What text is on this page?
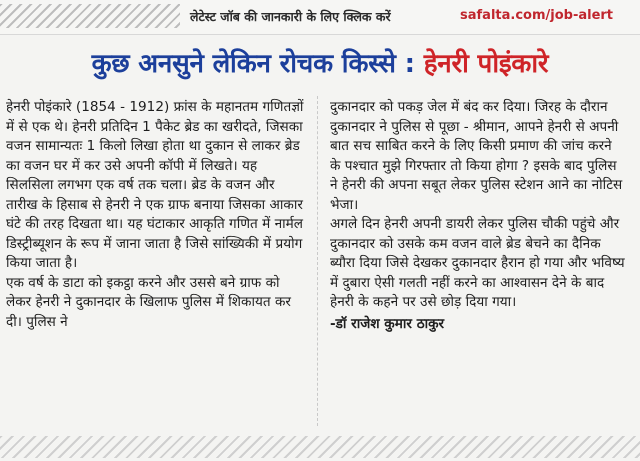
लेटेस्ट जॉब की जानकारी के लिए क्लिक करें	safalta.com/job-alert
कुछ अनसुने लेकिन रोचक किस्से : हेनरी पोइंकारे

हेनरी पोइंकारे (1854 - 1912) फ्रांस के महानतम गणितज्ञों में से एक थे। हेनरी प्रतिदिन 1 पैकेट ब्रेड का खरीदते, जिसका वजन सामान्यतः 1 किलो लिखा होता था दुकान से लाकर ब्रेड का वजन घर में कर उसे अपनी कॉपी में लिखते। यह सिलसिला लगभग एक वर्ष तक चला। ब्रेड के वजन और तारीख के हिसाब से हेनरी ने एक ग्राफ बनाया जिसका आकार घंटे की तरह दिखता था। यह घंटाकार आकृति गणित में नार्मल डिस्ट्रीब्यूशन के रूप में जाना जाता है जिसे सांख्यिकी में प्रयोग किया जाता है।

एक वर्ष के डाटा को इकट्ठा करने और उससे बने ग्राफ को लेकर हेनरी ने दुकानदार के खिलाफ पुलिस में शिकायत कर दी। पुलिस ने

दुकानदार को पकड़ जेल में बंद कर दिया। जिरह के दौरान दुकानदार ने पुलिस से पूछा - श्रीमान, आपने हेनरी से अपनी बात सच साबित करने के लिए किसी प्रमाण की जांच करने के पश्चात मुझे गिरफ्तार तो किया होगा ? इसके बाद पुलिस ने हेनरी की अपना सबूत लेकर पुलिस स्टेशन आने का नोटिस भेजा।

अगले दिन हेनरी अपनी डायरी लेकर पुलिस चौकी पहुंचे और दुकानदार को उसके कम वजन वाले ब्रेड बेचने का दैनिक ब्यौरा दिया जिसे देखकर दुकानदार हैरान हो गया और भविष्य में दुबारा ऐसी गलती नहीं करने का आश्वासन देने के बाद हेनरी के कहने पर उसे छोड़ दिया गया।

-डॉ राजेश कुमार ठाकुर
